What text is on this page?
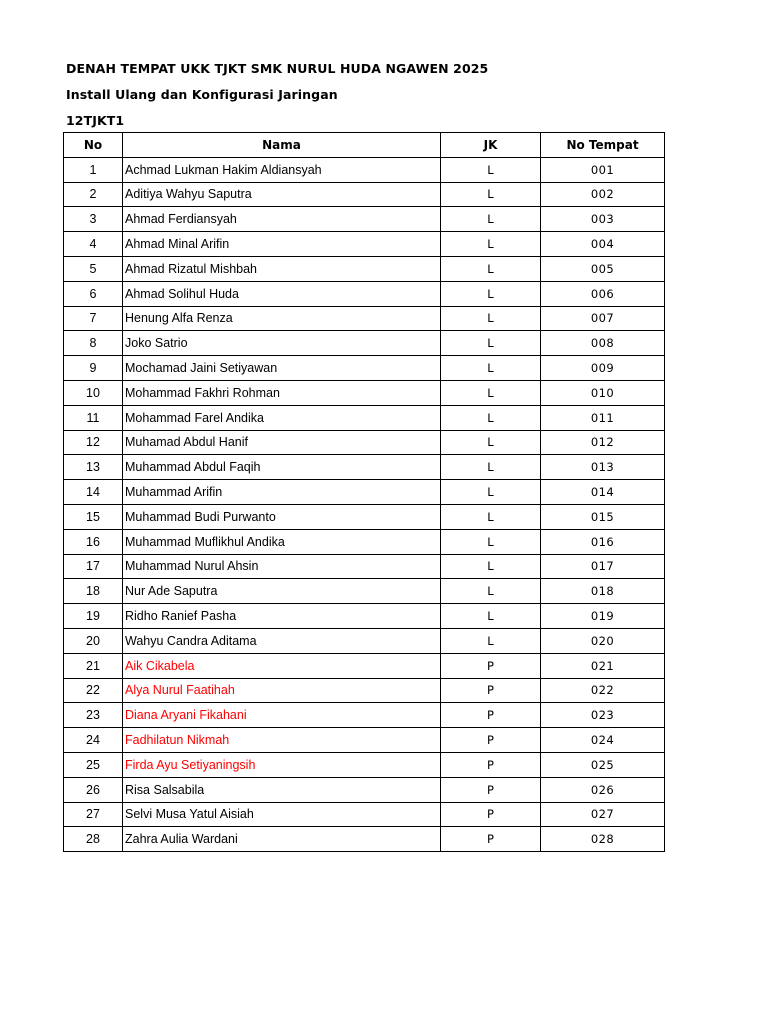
DENAH TEMPAT UKK TJKT SMK NURUL HUDA NGAWEN 2025
Install Ulang dan Konfigurasi Jaringan
12TJKT1
No	Nama	JK	No Tempat
1	Achmad Lukman Hakim Aldiansyah	L	001
2	Aditiya Wahyu Saputra	L	002
3	Ahmad Ferdiansyah	L	003
4	Ahmad Minal Arifin	L	004
5	Ahmad Rizatul Mishbah	L	005
6	Ahmad Solihul Huda	L	006
7	Henung Alfa Renza	L	007
8	Joko Satrio	L	008
9	Mochamad Jaini Setiyawan	L	009
10	Mohammad Fakhri Rohman	L	010
11	Mohammad Farel Andika	L	011
12	Muhamad Abdul Hanif	L	012
13	Muhammad Abdul Faqih	L	013
14	Muhammad Arifin	L	014
15	Muhammad Budi Purwanto	L	015
16	Muhammad Muflikhul Andika	L	016
17	Muhammad Nurul Ahsin	L	017
18	Nur Ade Saputra	L	018
19	Ridho Ranief Pasha	L	019
20	Wahyu Candra Aditama	L	020
21	Aik Cikabela	P	021
22	Alya Nurul Faatihah	P	022
23	Diana Aryani Fikahani	P	023
24	Fadhilatun Nikmah	P	024
25	Firda Ayu Setiyaningsih	P	025
26	Risa Salsabila	P	026
27	Selvi Musa Yatul Aisiah	P	027
28	Zahra Aulia Wardani	P	028
